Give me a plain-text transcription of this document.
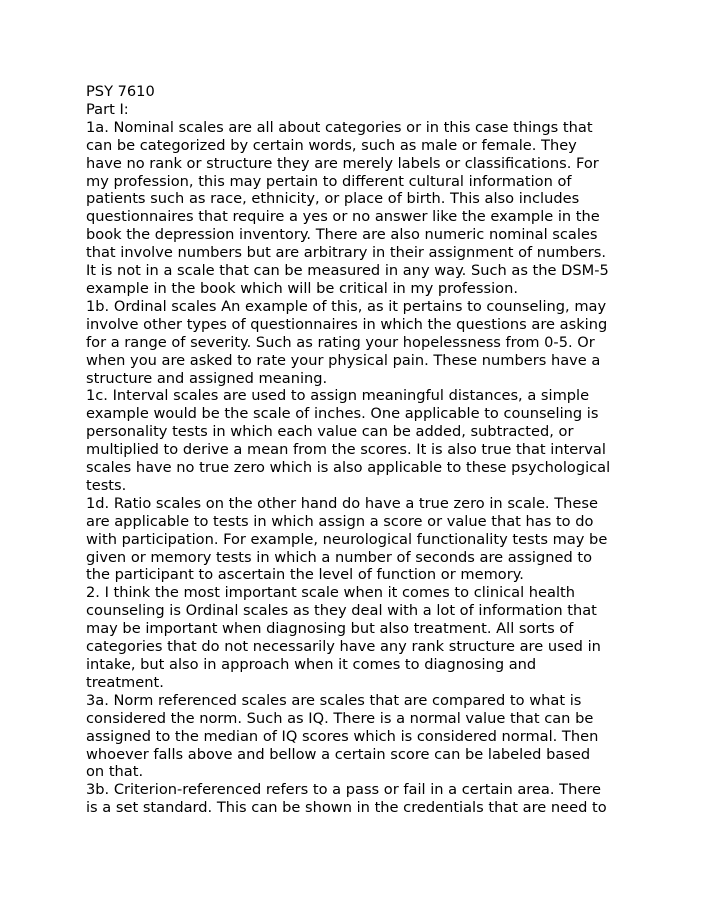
PSY 7610
Part I:
1a. Nominal scales are all about categories or in this case things that
can be categorized by certain words, such as male or female. They
have no rank or structure they are merely labels or classifications. For
my profession, this may pertain to different cultural information of
patients such as race, ethnicity, or place of birth. This also includes
questionnaires that require a yes or no answer like the example in the
book the depression inventory. There are also numeric nominal scales
that involve numbers but are arbitrary in their assignment of numbers.
It is not in a scale that can be measured in any way. Such as the DSM-5
example in the book which will be critical in my profession.
1b. Ordinal scales An example of this, as it pertains to counseling, may
involve other types of questionnaires in which the questions are asking
for a range of severity. Such as rating your hopelessness from 0-5. Or
when you are asked to rate your physical pain. These numbers have a
structure and assigned meaning.
1c. Interval scales are used to assign meaningful distances, a simple
example would be the scale of inches. One applicable to counseling is
personality tests in which each value can be added, subtracted, or
multiplied to derive a mean from the scores. It is also true that interval
scales have no true zero which is also applicable to these psychological
tests.
1d. Ratio scales on the other hand do have a true zero in scale. These
are applicable to tests in which assign a score or value that has to do
with participation. For example, neurological functionality tests may be
given or memory tests in which a number of seconds are assigned to
the participant to ascertain the level of function or memory.
2. I think the most important scale when it comes to clinical health
counseling is Ordinal scales as they deal with a lot of information that
may be important when diagnosing but also treatment. All sorts of
categories that do not necessarily have any rank structure are used in
intake, but also in approach when it comes to diagnosing and
treatment.
3a. Norm referenced scales are scales that are compared to what is
considered the norm. Such as IQ. There is a normal value that can be
assigned to the median of IQ scores which is considered normal. Then
whoever falls above and bellow a certain score can be labeled based
on that.
3b. Criterion-referenced refers to a pass or fail in a certain area. There
is a set standard. This can be shown in the credentials that are need to
